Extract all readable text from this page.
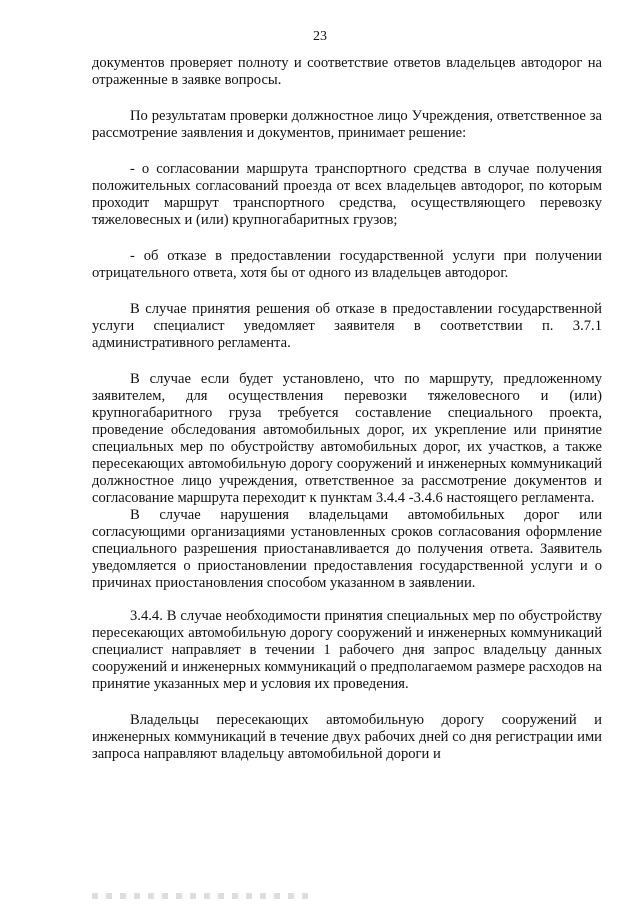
23

документов проверяет полноту и соответствие ответов владельцев автодорог на отраженные в заявке вопросы.

По результатам проверки должностное лицо Учреждения, ответственное за рассмотрение заявления и документов, принимает решение:

- о согласовании маршрута транспортного средства в случае получения положительных согласований проезда от всех владельцев автодорог, по которым проходит маршрут транспортного средства, осуществляющего перевозку тяжеловесных и (или) крупногабаритных грузов;

- об отказе в предоставлении государственной услуги при получении отрицательного ответа, хотя бы от одного из владельцев автодорог.

В случае принятия решения об отказе в предоставлении государственной услуги специалист уведомляет заявителя в соответствии п. 3.7.1 административного регламента.

В случае если будет установлено, что по маршруту, предложенному заявителем, для осуществления перевозки тяжеловесного и (или) крупногабаритного груза требуется составление специального проекта, проведение обследования автомобильных дорог, их укрепление или принятие специальных мер по обустройству автомобильных дорог, их участков, а также пересекающих автомобильную дорогу сооружений и инженерных коммуникаций должностное лицо учреждения, ответственное за рассмотрение документов и согласование маршрута переходит к пунктам 3.4.4 -3.4.6 настоящего регламента.

В случае нарушения владельцами автомобильных дорог или согласующими организациями установленных сроков согласования оформление специального разрешения приостанавливается до получения ответа. Заявитель уведомляется о приостановлении предоставления государственной услуги и о причинах приостановления способом указанном в заявлении.

3.4.4. В случае необходимости принятия специальных мер по обустройству пересекающих автомобильную дорогу сооружений и инженерных коммуникаций специалист направляет в течении 1 рабочего дня запрос владельцу данных сооружений и инженерных коммуникаций о предполагаемом размере расходов на принятие указанных мер и условия их проведения.

Владельцы пересекающих автомобильную дорогу сооружений и инженерных коммуникаций в течение двух рабочих дней со дня регистрации ими запроса направляют владельцу автомобильной дороги и
